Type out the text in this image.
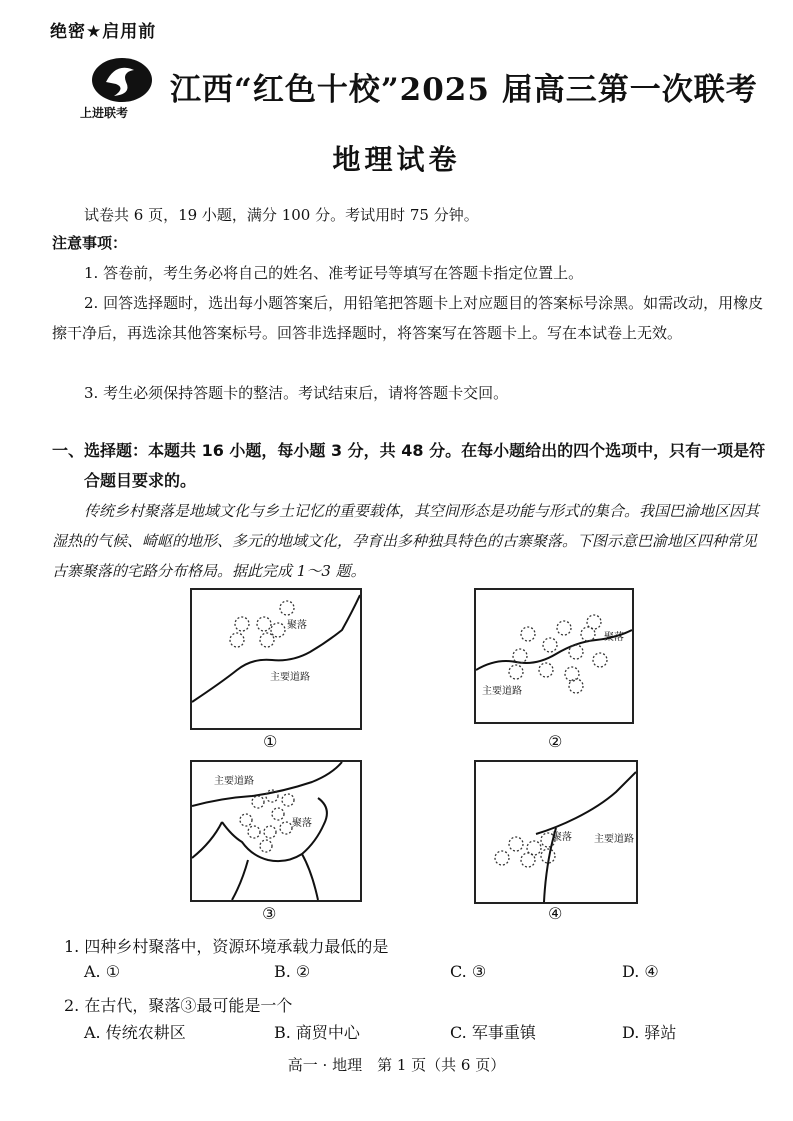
绝密★启用前
上进联考
江西“红色十校”2025 届高三第一次联考
地理试卷
试卷共 6 页，19 小题，满分 100 分。考试用时 75 分钟。
注意事项：
1. 答卷前，考生务必将自己的姓名、准考证号等填写在答题卡指定位置上。
2. 回答选择题时，选出每小题答案后，用铅笔把答题卡上对应题目的答案标号涂黑。如需改动，用橡皮擦干净后，再选涂其他答案标号。回答非选择题时，将答案写在答题卡上。写在本试卷上无效。
3. 考生必须保持答题卡的整洁。考试结束后，请将答题卡交回。
一、选择题：本题共 16 小题，每小题 3 分，共 48 分。在每小题给出的四个选项中，只有一项是符合题目要求的。
传统乡村聚落是地域文化与乡土记忆的重要载体，其空间形态是功能与形式的集合。我国巴渝地区因其湿热的气候、崎岖的地形、多元的地域文化，孕育出多种独具特色的古寨聚落。下图示意巴渝地区四种常见古寨聚落的宅路分布格局。据此完成 1～3 题。
聚落
主要道路
①
聚落
主要道路
②
主要道路
聚落
③
聚落 主要道路
④
1. 四种乡村聚落中，资源环境承载力最低的是
A. ①	B. ②	C. ③	D. ④
2. 在古代，聚落③最可能是一个
A. 传统农耕区	B. 商贸中心	C. 军事重镇	D. 驿站
高一 · 地理　第 1 页（共 6 页）
